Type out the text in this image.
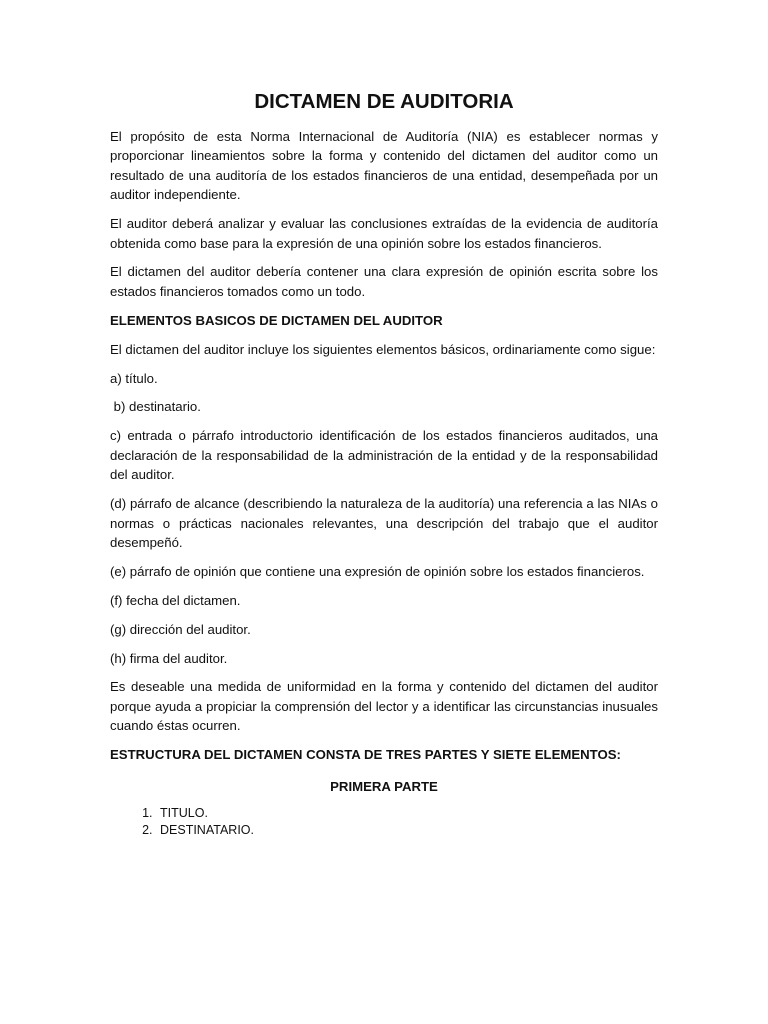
DICTAMEN DE AUDITORIA

El propósito de esta Norma Internacional de Auditoría (NIA) es establecer normas y proporcionar lineamientos sobre la forma y contenido del dictamen del auditor como un resultado de una auditoría de los estados financieros de una entidad, desempeñada por un auditor independiente.

El auditor deberá analizar y evaluar las conclusiones extraídas de la evidencia de auditoría obtenida como base para la expresión de una opinión sobre los estados financieros.

El dictamen del auditor debería contener una clara expresión de opinión escrita sobre los estados financieros tomados como un todo.

ELEMENTOS BASICOS DE DICTAMEN DEL AUDITOR

El dictamen del auditor incluye los siguientes elementos básicos, ordinariamente como sigue:

a) título.

b) destinatario.

c) entrada o párrafo introductorio identificación de los estados financieros auditados, una declaración de la responsabilidad de la administración de la entidad y de la responsabilidad del auditor.

(d) párrafo de alcance (describiendo la naturaleza de la auditoría) una referencia a las NIAs o normas o prácticas nacionales relevantes, una descripción del trabajo que el auditor desempeñó.

(e) párrafo de opinión que contiene una expresión de opinión sobre los estados financieros.

(f) fecha del dictamen.

(g) dirección del auditor.

(h) firma del auditor.

Es deseable una medida de uniformidad en la forma y contenido del dictamen del auditor porque ayuda a propiciar la comprensión del lector y a identificar las circunstancias inusuales cuando éstas ocurren.

ESTRUCTURA DEL DICTAMEN CONSTA DE TRES PARTES Y SIETE ELEMENTOS:

PRIMERA PARTE

1. TITULO.
2. DESTINATARIO.
